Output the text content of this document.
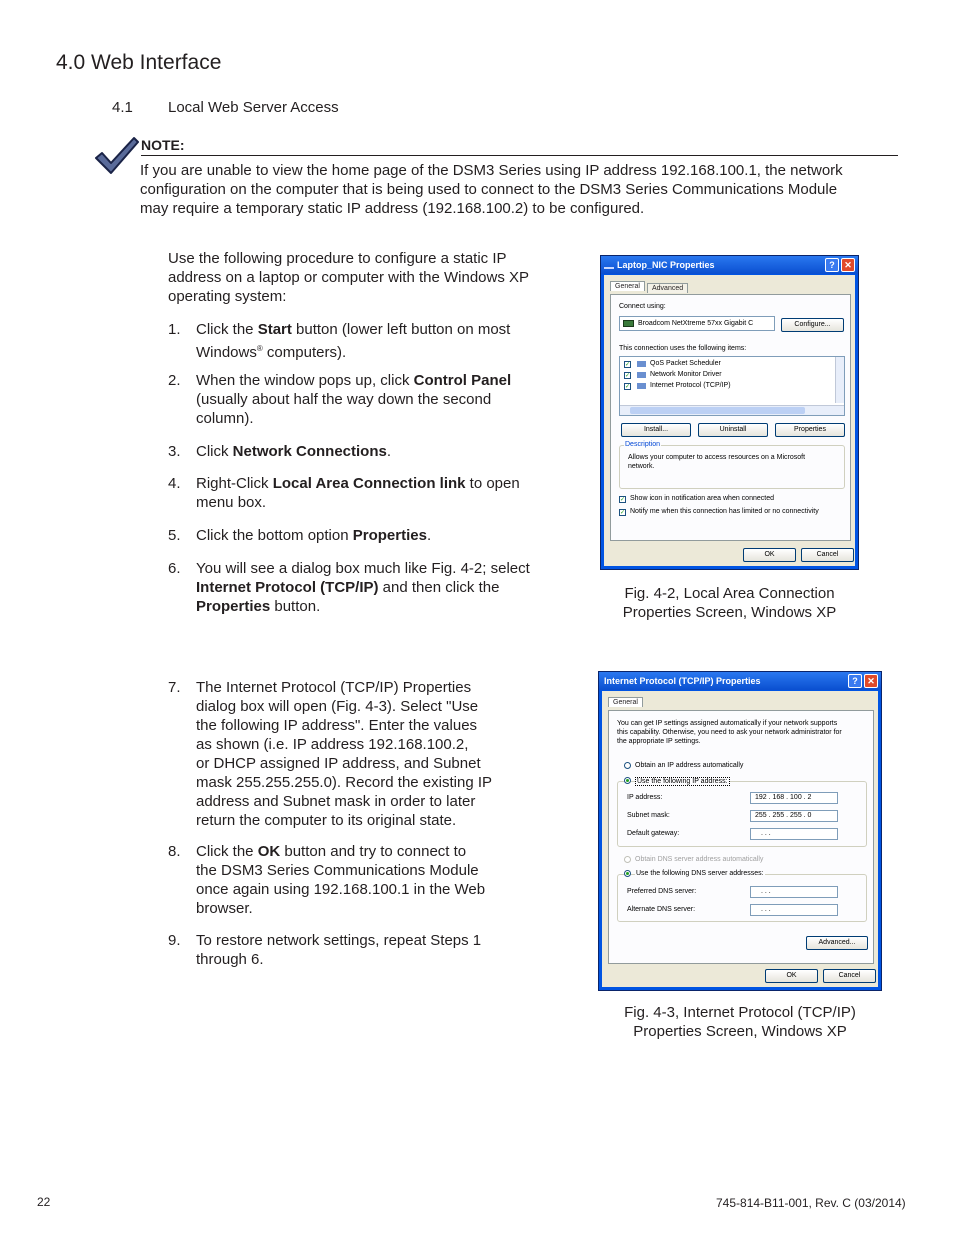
4.0 Web Interface
4.1 Local Web Server Access
NOTE:
If you are unable to view the home page of the DSM3 Series using IP address 192.168.100.1, the network
configuration on the computer that is being used to connect to the DSM3 Series Communications Module
may require a temporary static IP address (192.168.100.2) to be configured.
Use the following procedure to configure a static IP
address on a laptop or computer with the Windows XP
operating system:
1. Click the Start button (lower left button on most
Windows® computers).
2. When the window pops up, click Control Panel
(usually about half the way down the second
column).
3. Click Network Connections.
4. Right-Click Local Area Connection link to open
menu box.
5. Click the bottom option Properties.
6. You will see a dialog box much like Fig. 4-2; select
Internet Protocol (TCP/IP) and then click the
Properties button.
7. The Internet Protocol (TCP/IP) Properties
dialog box will open (Fig. 4-3). Select "Use
the following IP address". Enter the values
as shown (i.e. IP address 192.168.100.2,
or DHCP assigned IP address, and Subnet
mask 255.255.255.0). Record the existing IP
address and Subnet mask in order to later
return the computer to its original state.
8. Click the OK button and try to connect to
the DSM3 Series Communications Module
once again using 192.168.100.1 in the Web
browser.
9. To restore network settings, repeat Steps 1
through 6.
Laptop_NIC Properties	?	✕
General	Advanced
Connect using:
Broadcom NetXtreme 57xx Gigabit C	Configure...
This connection uses the following items:
✓	QoS Packet Scheduler
✓	Network Monitor Driver
✓	Internet Protocol (TCP/IP)
Install...	Uninstall	Properties
Description
Allows your computer to access resources on a Microsoft
network.
✓ Show icon in notification area when connected
✓ Notify me when this connection has limited or no connectivity
OK	Cancel
Fig. 4-2, Local Area Connection
Properties Screen, Windows XP
Internet Protocol (TCP/IP) Properties	?	✕
General
You can get IP settings assigned automatically if your network supports
this capability. Otherwise, you need to ask your network administrator for
the appropriate IP settings.
Obtain an IP address automatically
Use the following IP address:
IP address:	192 . 168 . 100 . 2
Subnet mask:	255 . 255 . 255 . 0
Default gateway:	. . .
Obtain DNS server address automatically
Use the following DNS server addresses:
Preferred DNS server:	. . .
Alternate DNS server:	. . .
Advanced...
OK	Cancel
Fig. 4-3, Internet Protocol (TCP/IP)
Properties Screen, Windows XP
22	745-814-B11-001, Rev. C (03/2014)
